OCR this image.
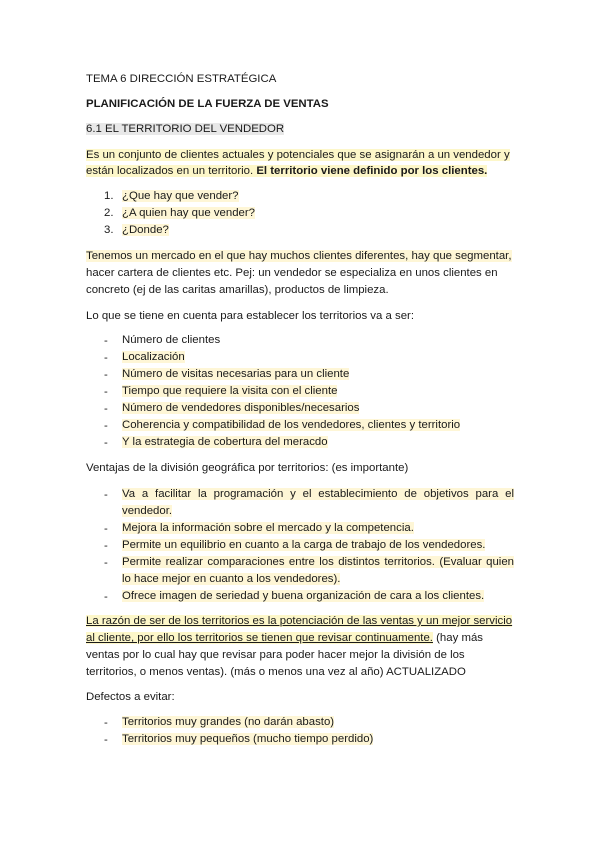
TEMA 6 DIRECCIÓN ESTRATÉGICA
PLANIFICACIÓN DE LA FUERZA DE VENTAS
6.1 EL TERRITORIO DEL VENDEDOR
Es un conjunto de clientes actuales y potenciales que se asignarán a un vendedor y
están localizados en un territorio. El territorio viene definido por los clientes.
1. ¿Que hay que vender?
2. ¿A quien hay que vender?
3. ¿Donde?
Tenemos un mercado en el que hay muchos clientes diferentes, hay que segmentar,
hacer cartera de clientes etc. Pej: un vendedor se especializa en unos clientes en
concreto (ej de las caritas amarillas), productos de limpieza.
Lo que se tiene en cuenta para establecer los territorios va a ser:
- Número de clientes
- Localización
- Número de visitas necesarias para un cliente
- Tiempo que requiere la visita con el cliente
- Número de vendedores disponibles/necesarios
- Coherencia y compatibilidad de los vendedores, clientes y territorio
- Y la estrategia de cobertura del meracdo
Ventajas de la división geográfica por territorios: (es importante)
- Va a facilitar la programación y el establecimiento de objetivos para el vendedor.
- Mejora la información sobre el mercado y la competencia.
- Permite un equilibrio en cuanto a la carga de trabajo de los vendedores.
- Permite realizar comparaciones entre los distintos territorios. (Evaluar quien lo hace mejor en cuanto a los vendedores).
- Ofrece imagen de seriedad y buena organización de cara a los clientes.
La razón de ser de los territorios es la potenciación de las ventas y un mejor servicio
al cliente, por ello los territorios se tienen que revisar continuamente. (hay más
ventas por lo cual hay que revisar para poder hacer mejor la división de los
territorios, o menos ventas). (más o menos una vez al año) ACTUALIZADO
Defectos a evitar:
- Territorios muy grandes (no darán abasto)
- Territorios muy pequeños (mucho tiempo perdido)
